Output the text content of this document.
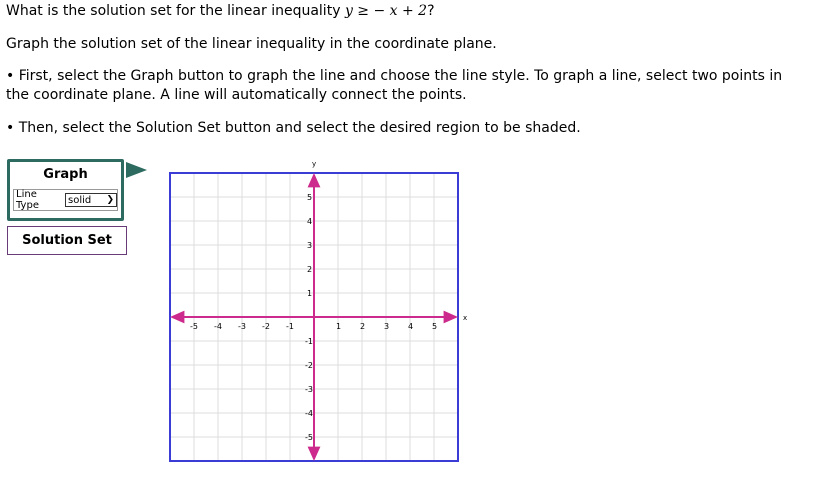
What is the solution set for the linear inequality y ≥ − x + 2?

Graph the solution set of the linear inequality in the coordinate plane.

• First, select the Graph button to graph the line and choose the line style. To graph a line, select two points in the coordinate plane. A line will automatically connect the points.

• Then, select the Solution Set button and select the desired region to be shaded.

Graph
Line Type	solid ❯
Solution Set
x
y
-5 -4 -3 -2 -1	1 2 3 4 5
5
4
3
2
1
-1
-2
-3
-4
-5
